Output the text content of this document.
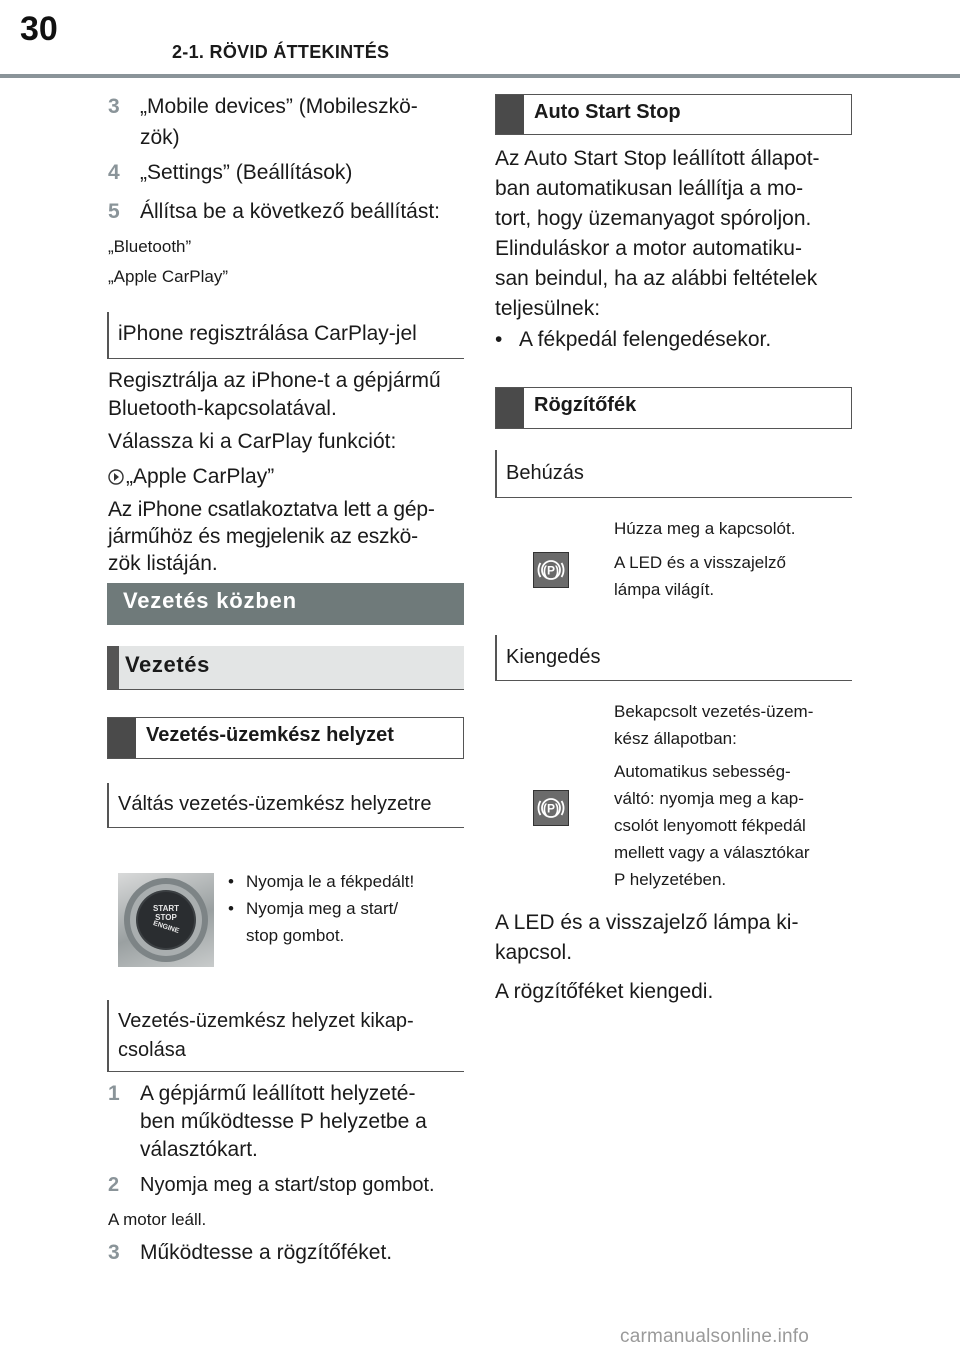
30
2-1. RÖVID ÁTTEKINTÉS
3 „Mobile devices” (Mobileszkö-
zök)
4 „Settings” (Beállítások)
5 Állítsa be a következő beállítást:
„Bluetooth”
„Apple CarPlay”
iPhone regisztrálása CarPlay-jel
Regisztrálja az iPhone-t a gépjármű
Bluetooth-kapcsolatával.
Válassza ki a CarPlay funkciót:
„Apple CarPlay”
Az iPhone csatlakoztatva lett a gép-
járműhöz és megjelenik az eszkö-
zök listáján.
Vezetés közben
Vezetés
Vezetés-üzemkész helyzet
Váltás vezetés-üzemkész helyzetre
START
STOP
ENGINE
• Nyomja le a fékpedált!
• Nyomja meg a start/
stop gombot.
Vezetés-üzemkész helyzet kikap-
csolása
1 A gépjármű leállított helyzeté-
ben működtesse P helyzetbe a
választókart.
2 Nyomja meg a start/stop gombot.
A motor leáll.
3 Működtesse a rögzítőféket.
Auto Start Stop
Az Auto Start Stop leállított állapot-
ban automatikusan leállítja a mo-
tort, hogy üzemanyagot spóroljon.
Elinduláskor a motor automatiku-
san beindul, ha az alábbi feltételek
teljesülnek:
• A fékpedál felengedésekor.
Rögzítőfék
Behúzás
(P)
Húzza meg a kapcsolót.
A LED és a visszajelző
lámpa világít.
Kiengedés
Bekapcsolt vezetés-üzem-
kész állapotban:
(P)
Automatikus sebesség-
váltó: nyomja meg a kap-
csolót lenyomott fékpedál
mellett vagy a választókar
P helyzetében.
A LED és a visszajelző lámpa ki-
kapcsol.
A rögzítőféket kiengedi.
carmanualsonline.info
